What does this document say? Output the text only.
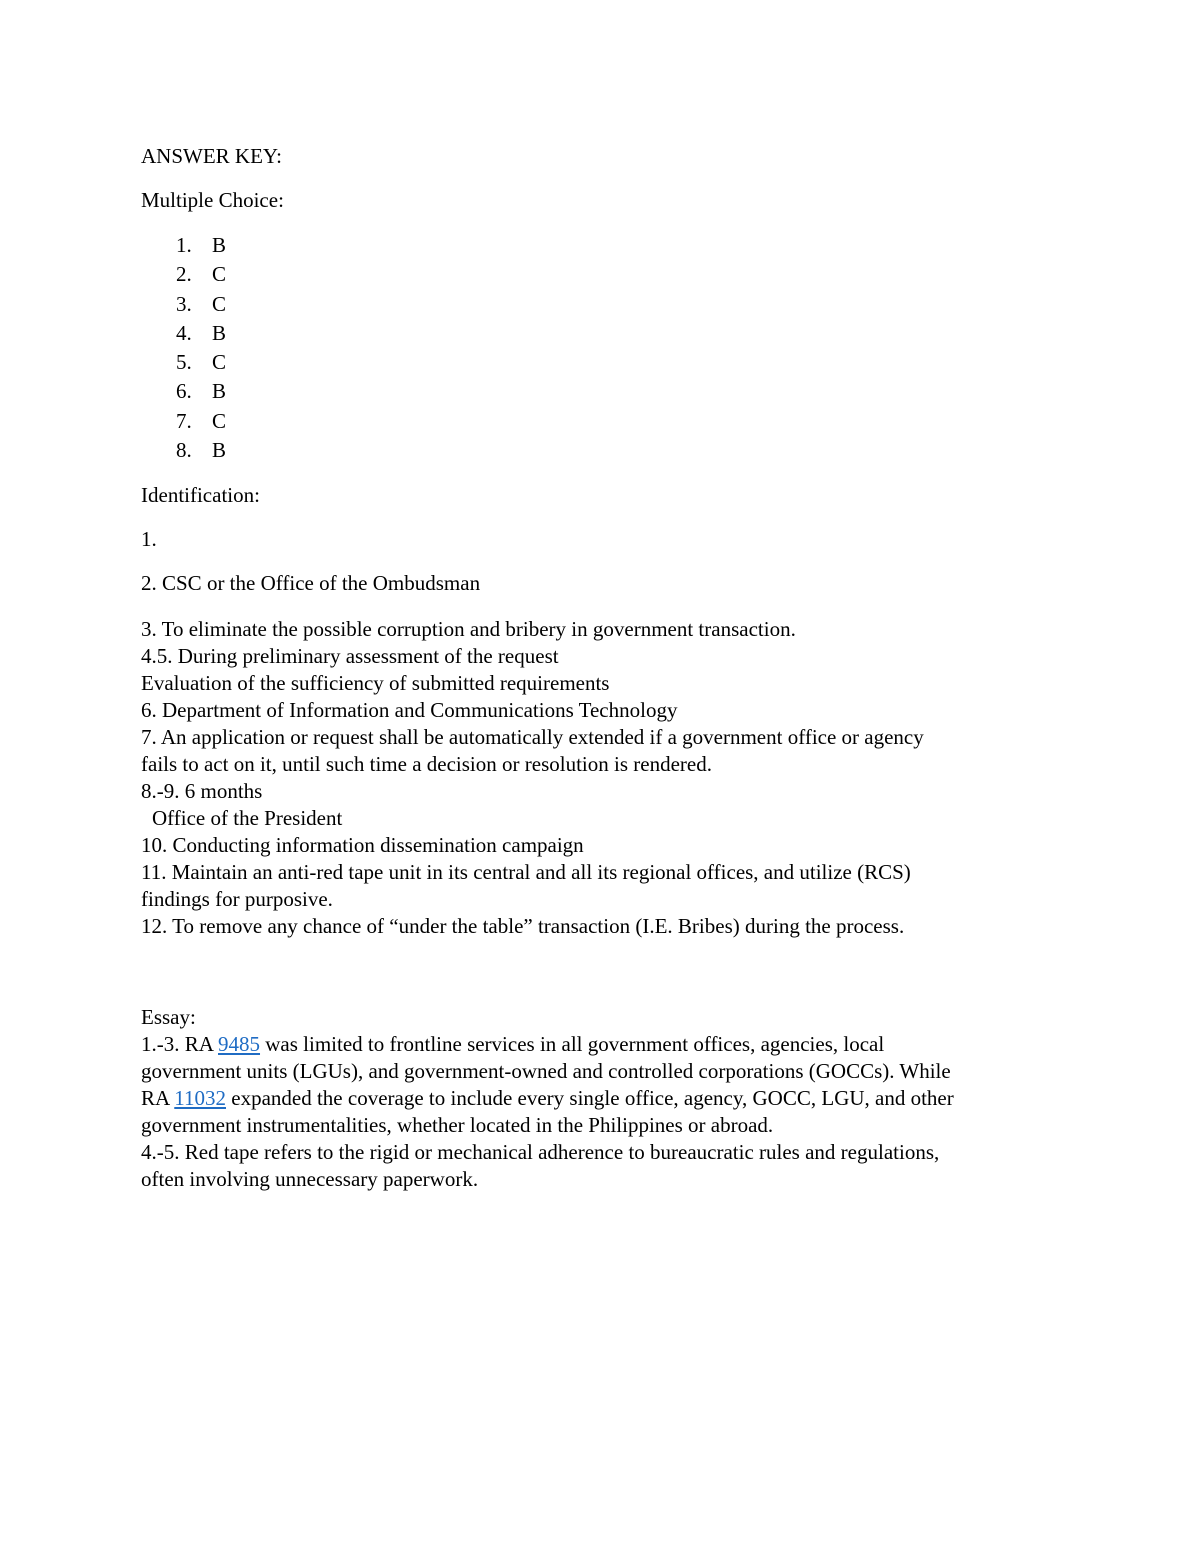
ANSWER KEY:

Multiple Choice:

1. B
2. C
3. C
4. B
5. C
6. B
7. C
8. B

Identification:

1.

2. CSC or the Office of the Ombudsman

3. To eliminate the possible corruption and bribery in government transaction.

4.5. During preliminary assessment of the request

Evaluation of the sufficiency of submitted requirements

6. Department of Information and Communications Technology

7. An application or request shall be automatically extended if a government office or agency

fails to act on it, until such time a decision or resolution is rendered.

8.-9. 6 months

Office of the President

10. Conducting information dissemination campaign

11. Maintain an anti-red tape unit in its central and all its regional offices, and utilize (RCS)

findings for purposive.

12. To remove any chance of “under the table” transaction (I.E. Bribes) during the process.

Essay:

1.-3. RA 9485 was limited to frontline services in all government offices, agencies, local

government units (LGUs), and government-owned and controlled corporations (GOCCs). While

RA 11032 expanded the coverage to include every single office, agency, GOCC, LGU, and other

government instrumentalities, whether located in the Philippines or abroad.

4.-5. Red tape refers to the rigid or mechanical adherence to bureaucratic rules and regulations,

often involving unnecessary paperwork.
